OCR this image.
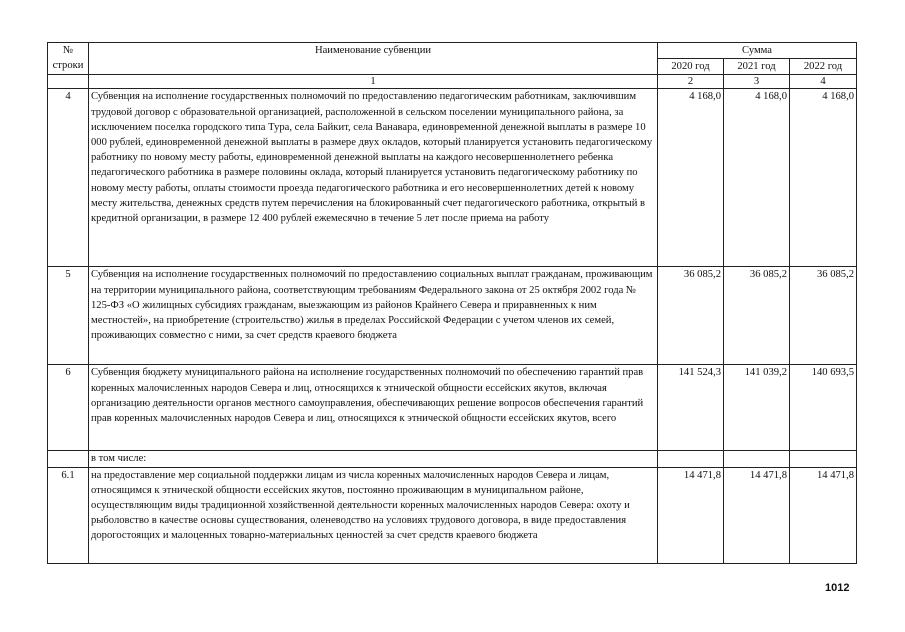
№
строки	Наименование субвенции	Сумма		
		2020 год	2021 год	2022 год
	1	2	3	4
4	Субвенция на исполнение государственных полномочий по предоставлению педагогическим работникам, заключившим трудовой договор с образовательной организацией, расположенной в сельском поселении муниципального района, за исключением поселка городского типа Тура, села Байкит, села Ванавара, единовременной денежной выплаты в размере 10 000 рублей, единовременной денежной выплаты в размере двух окладов, который планируется установить педагогическому работнику по новому месту работы, единовременной денежной выплаты на каждого несовершеннолетнего ребенка педагогического работника в размере половины оклада, который планируется установить педагогическому работнику по новому месту работы, оплаты стоимости проезда педагогического работника и его несовершеннолетних детей к новому месту жительства, денежных средств путем перечисления на блокированный счет педагогического работника, открытый в кредитной организации, в размере 12 400 рублей ежемесячно в течение 5 лет после приема на работу	4 168,0	4 168,0	4 168,0
5	Субвенция на исполнение государственных полномочий по предоставлению социальных выплат гражданам, проживающим на территории муниципального района, соответствующим требованиям Федерального закона от 25 октября 2002 года № 125-ФЗ «О жилищных субсидиях гражданам, выезжающим из районов Крайнего Севера и приравненных к ним местностей», на приобретение (строительство) жилья в пределах Российской Федерации с учетом членов их семей, проживающих совместно с ними, за счет средств краевого бюджета	36 085,2	36 085,2	36 085,2
6	Субвенция бюджету муниципального района на исполнение государственных полномочий по обеспечению гарантий прав коренных малочисленных народов Севера и лиц, относящихся к этнической общности ессейских якутов, включая организацию деятельности органов местного самоуправления, обеспечивающих решение вопросов обеспечения гарантий прав коренных малочисленных народов Севера и лиц, относящихся к этнической общности ессейских якутов, всего	141 524,3	141 039,2	140 693,5
	в том числе:			
6.1	на предоставление мер социальной поддержки лицам из числа коренных малочисленных народов Севера и лицам, относящимся к этнической общности ессейских якутов, постоянно проживающим в муниципальном районе, осуществляющим виды традиционной хозяйственной деятельности коренных малочисленных народов Севера: охоту и рыболовство в качестве основы существования, оленеводство на условиях трудового договора, в виде предоставления дорогостоящих и малоценных товарно-материальных ценностей за счет средств краевого бюджета	14 471,8	14 471,8	14 471,8
1012
